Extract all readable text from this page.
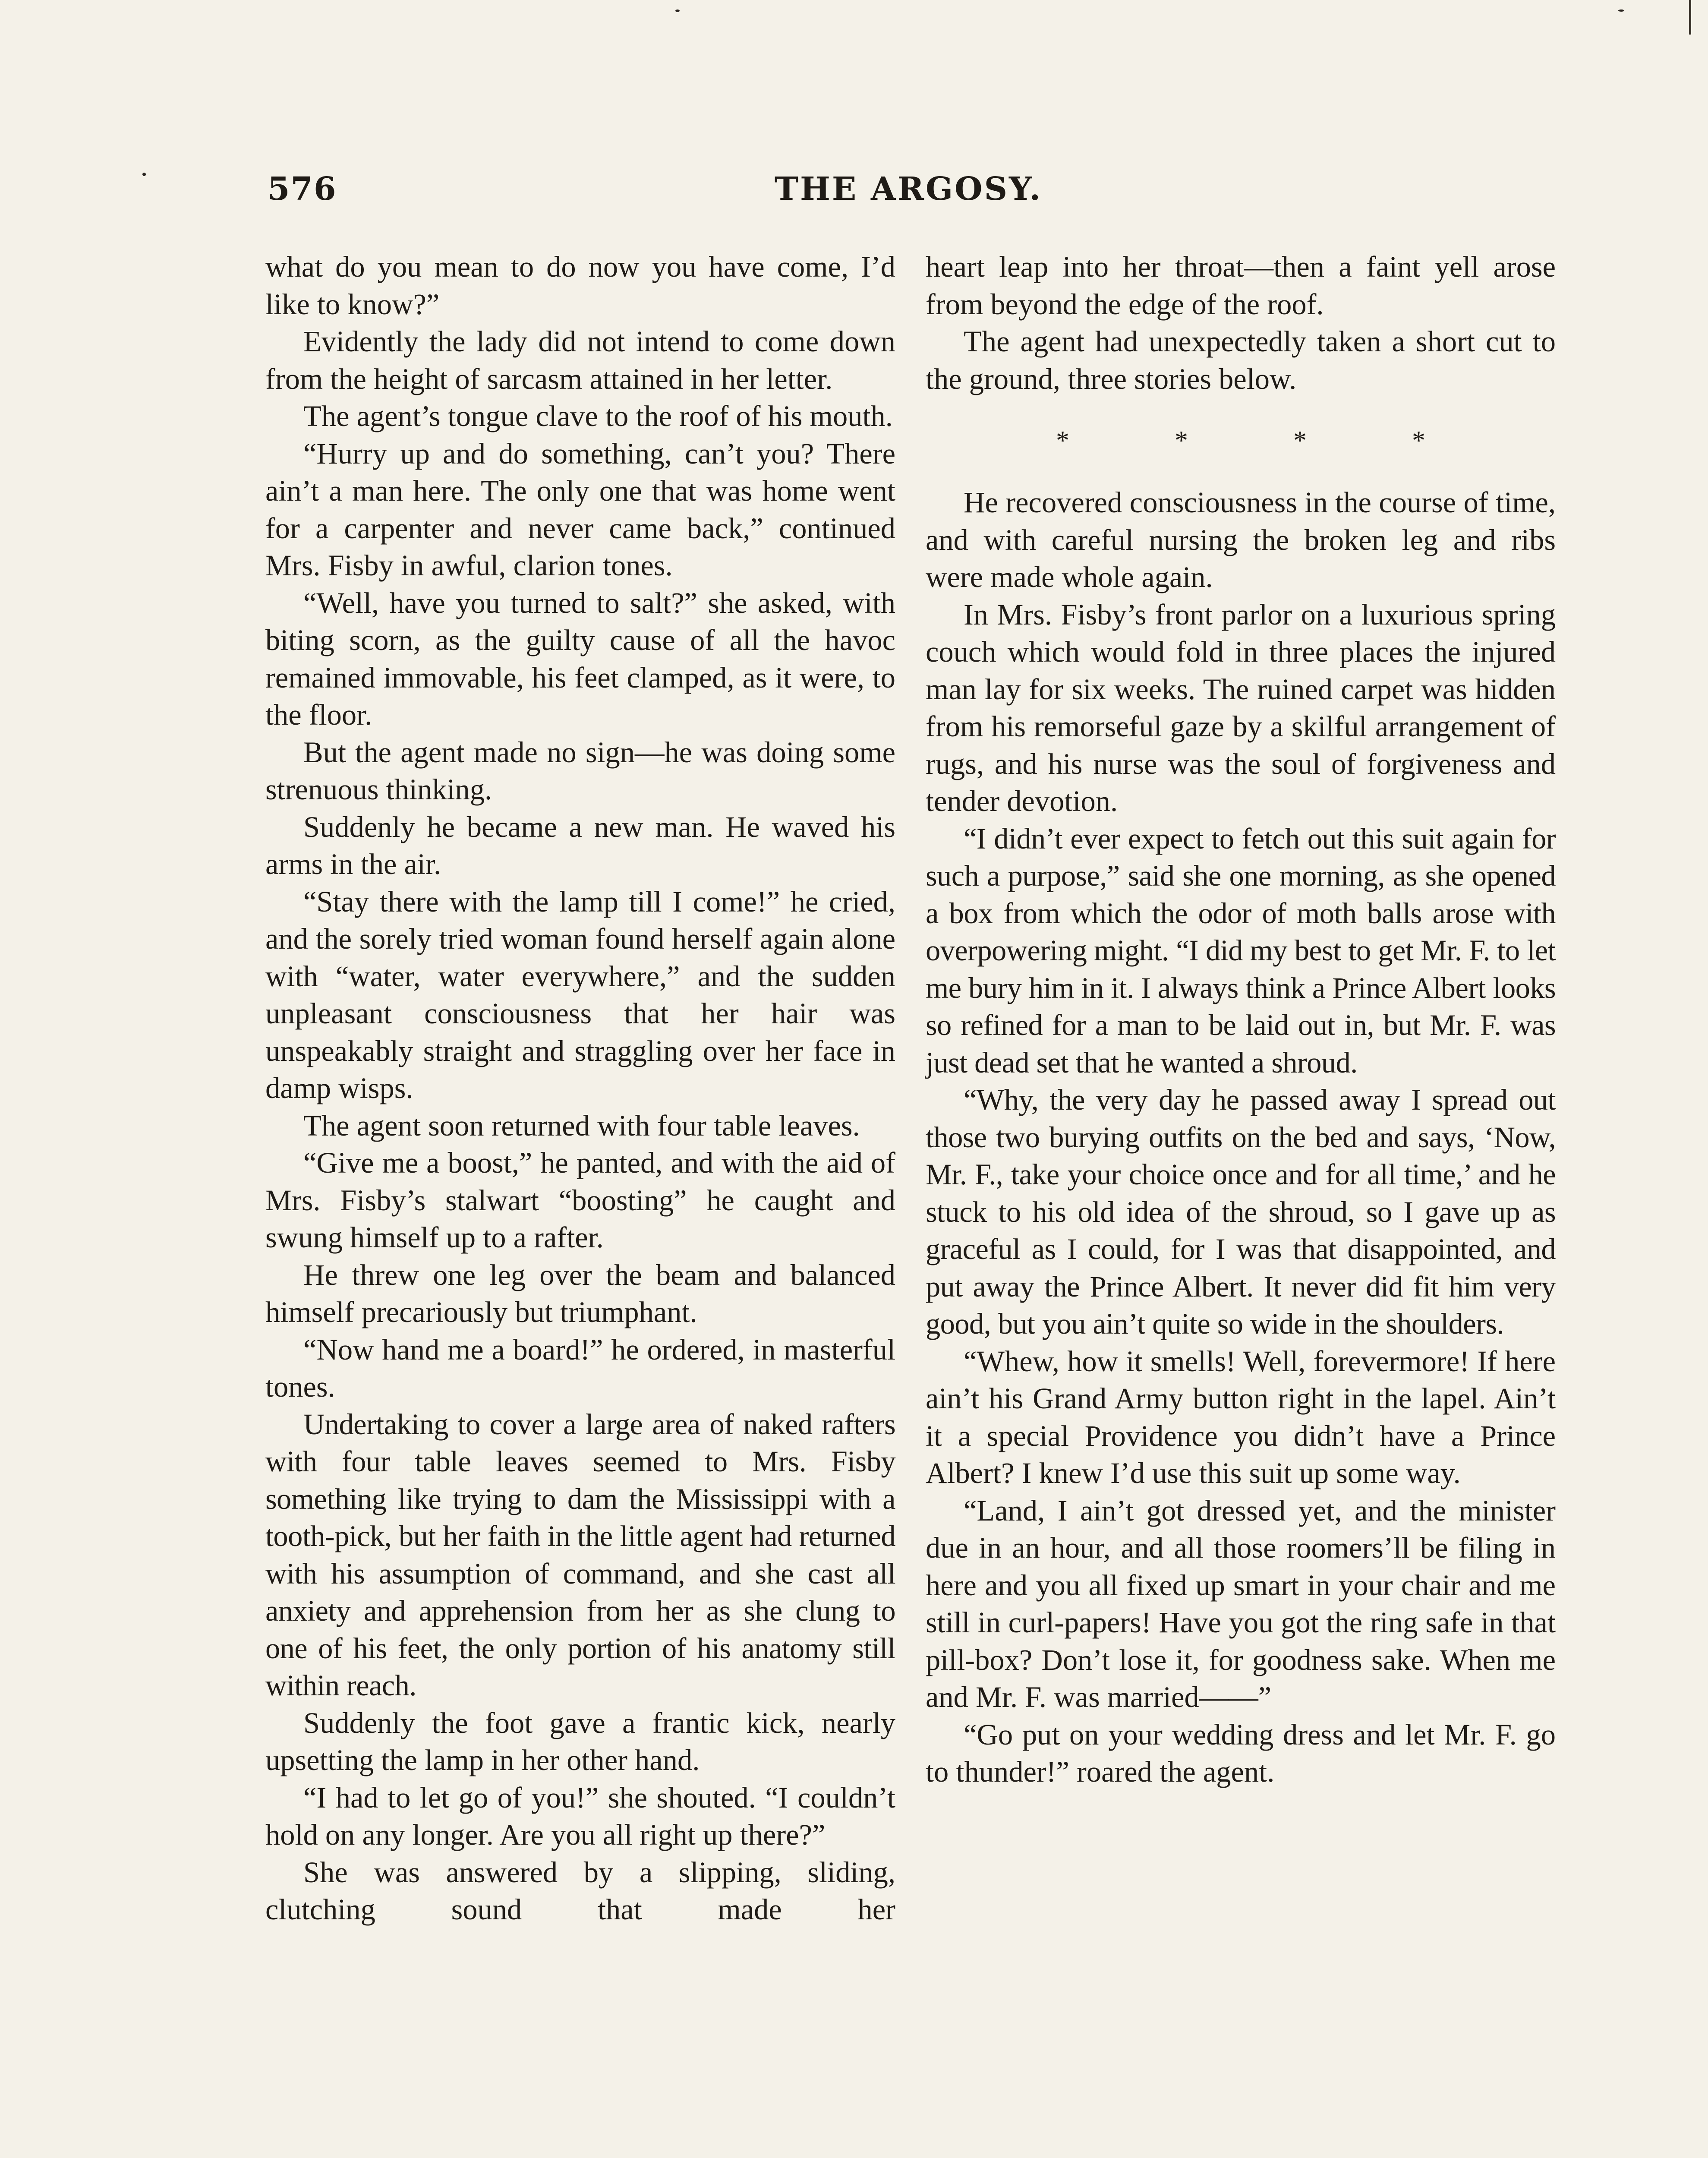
576	THE ARGOSY.

what do you mean to do now you have come, I’d like to know?”

Evidently the lady did not intend to come down from the height of sarcasm attained in her letter.

The agent’s tongue clave to the roof of his mouth.

“Hurry up and do something, can’t you? There ain’t a man here. The only one that was home went for a carpenter and never came back,” continued Mrs. Fisby in awful, clarion tones.

“Well, have you turned to salt?” she asked, with biting scorn, as the guilty cause of all the havoc remained immovable, his feet clamped, as it were, to the floor.

But the agent made no sign—he was doing some strenuous thinking.

Suddenly he became a new man. He waved his arms in the air.

“Stay there with the lamp till I come!” he cried, and the sorely tried woman found herself again alone with “water, water everywhere,” and the sudden unpleasant consciousness that her hair was unspeakably straight and straggling over her face in damp wisps.

The agent soon returned with four table leaves.

“Give me a boost,” he panted, and with the aid of Mrs. Fisby’s stalwart “boosting” he caught and swung himself up to a rafter.

He threw one leg over the beam and balanced himself precariously but triumphant.

“Now hand me a board!” he ordered, in masterful tones.

Undertaking to cover a large area of naked rafters with four table leaves seemed to Mrs. Fisby something like trying to dam the Mississippi with a tooth-pick, but her faith in the little agent had returned with his assumption of command, and she cast all anxiety and apprehension from her as she clung to one of his feet, the only portion of his anatomy still within reach.

Suddenly the foot gave a frantic kick, nearly upsetting the lamp in her other hand.

“I had to let go of you!” she shouted. “I couldn’t hold on any longer. Are you all right up there?”

She was answered by a slipping, sliding, clutching sound that made her

heart leap into her throat—then a faint yell arose from beyond the edge of the roof.

The agent had unexpectedly taken a short cut to the ground, three stories below.

*	*	*	*

He recovered consciousness in the course of time, and with careful nursing the broken leg and ribs were made whole again.

In Mrs. Fisby’s front parlor on a luxurious spring couch which would fold in three places the injured man lay for six weeks. The ruined carpet was hidden from his remorseful gaze by a skilful arrangement of rugs, and his nurse was the soul of forgiveness and tender devotion.

“I didn’t ever expect to fetch out this suit again for such a purpose,” said she one morning, as she opened a box from which the odor of moth balls arose with overpowering might. “I did my best to get Mr. F. to let me bury him in it. I always think a Prince Albert looks so refined for a man to be laid out in, but Mr. F. was just dead set that he wanted a shroud.

“Why, the very day he passed away I spread out those two burying outfits on the bed and says, ‘Now, Mr. F., take your choice once and for all time,’ and he stuck to his old idea of the shroud, so I gave up as graceful as I could, for I was that disappointed, and put away the Prince Albert. It never did fit him very good, but you ain’t quite so wide in the shoulders.

“Whew, how it smells! Well, forevermore! If here ain’t his Grand Army button right in the lapel. Ain’t it a special Providence you didn’t have a Prince Albert? I knew I’d use this suit up some way.

“Land, I ain’t got dressed yet, and the minister due in an hour, and all those roomers’ll be filing in here and you all fixed up smart in your chair and me still in curl-papers! Have you got the ring safe in that pill-box? Don’t lose it, for goodness sake. When me and Mr. F. was married——”

“Go put on your wedding dress and let Mr. F. go to thunder!” roared the agent.
